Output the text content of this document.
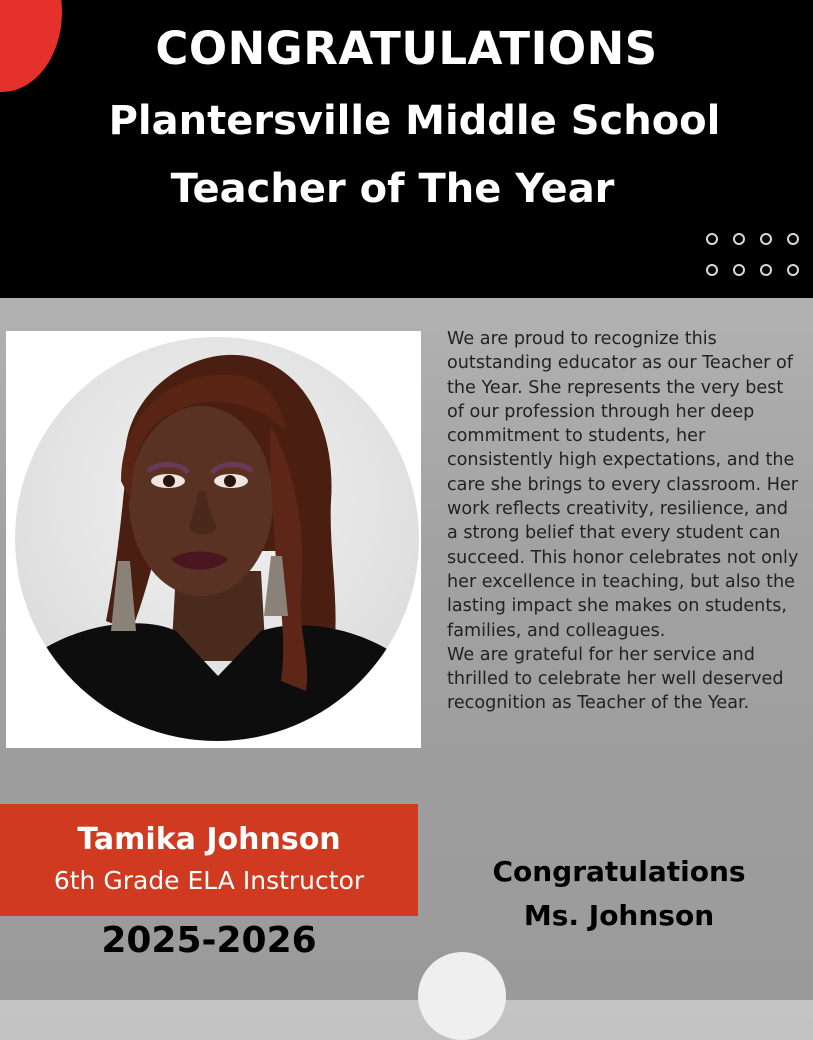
CONGRATULATIONS
Plantersville Middle School
Teacher of The Year

We are proud to recognize this outstanding educator as our Teacher of the Year. She represents the very best of our profession through her deep commitment to students, her consistently high expectations, and the care she brings to every classroom. Her work reflects creativity, resilience, and a strong belief that every student can succeed. This honor celebrates not only her excellence in teaching, but also the lasting impact she makes on students, families, and colleagues.

We are grateful for her service and thrilled to celebrate her well deserved recognition as Teacher of the Year.

Congratulations
Ms. Johnson
Tamika Johnson
6th Grade ELA Instructor
2025-2026
